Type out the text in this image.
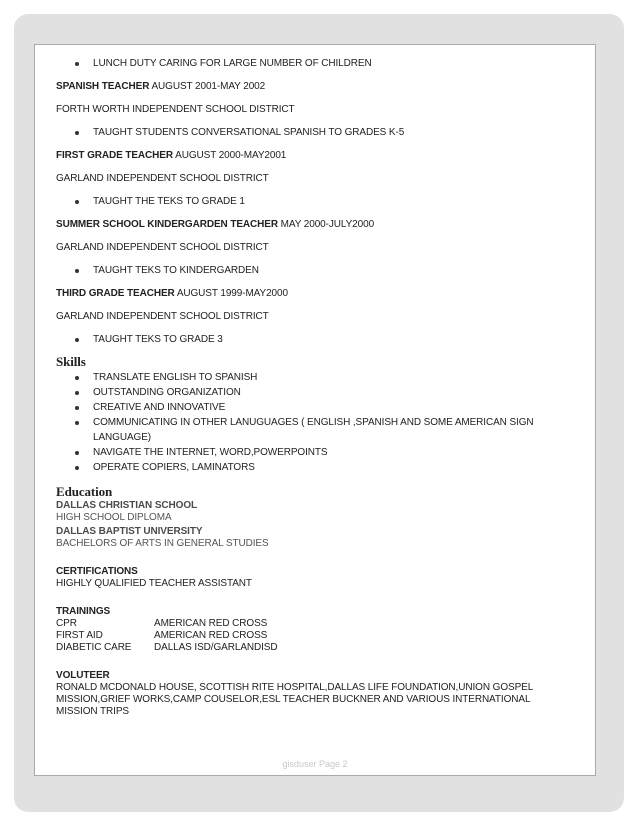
LUNCH DUTY CARING FOR LARGE NUMBER OF CHILDREN

SPANISH TEACHER AUGUST 2001-MAY 2002

FORTH WORTH INDEPENDENT SCHOOL DISTRICT

TAUGHT STUDENTS CONVERSATIONAL SPANISH TO GRADES K-5

FIRST GRADE TEACHER AUGUST 2000-MAY2001

GARLAND INDEPENDENT SCHOOL DISTRICT

TAUGHT THE TEKS TO GRADE 1

SUMMER SCHOOL KINDERGARDEN TEACHER MAY 2000-JULY2000

GARLAND INDEPENDENT SCHOOL DISTRICT

TAUGHT TEKS TO KINDERGARDEN

THIRD GRADE TEACHER AUGUST 1999-MAY2000

GARLAND INDEPENDENT SCHOOL DISTRICT

TAUGHT TEKS TO GRADE 3

Skills

TRANSLATE ENGLISH TO SPANISH
OUTSTANDING ORGANIZATION
CREATIVE AND INNOVATIVE
COMMUNICATING IN OTHER LANUGUAGES ( ENGLISH ,SPANISH AND SOME AMERICAN SIGN LANGUAGE)
NAVIGATE THE INTERNET, WORD,POWERPOINTS
OPERATE COPIERS, LAMINATORS

Education

DALLAS CHRISTIAN SCHOOL

HIGH SCHOOL DIPLOMA

DALLAS BAPTIST UNIVERSITY

BACHELORS OF ARTS IN GENERAL STUDIES

CERTIFICATIONS

HIGHLY QUALIFIED TEACHER ASSISTANT

TRAININGS

CPR	AMERICAN RED CROSS
FIRST AID	AMERICAN RED CROSS
DIABETIC CARE	DALLAS ISD/GARLANDISD

VOLUTEER

RONALD MCDONALD HOUSE, SCOTTISH RITE HOSPITAL,DALLAS LIFE FOUNDATION,UNION GOSPEL MISSION,GRIEF WORKS,CAMP COUSELOR,ESL TEACHER BUCKNER AND VARIOUS INTERNATIONAL MISSION TRIPS

gisduser Page 2
